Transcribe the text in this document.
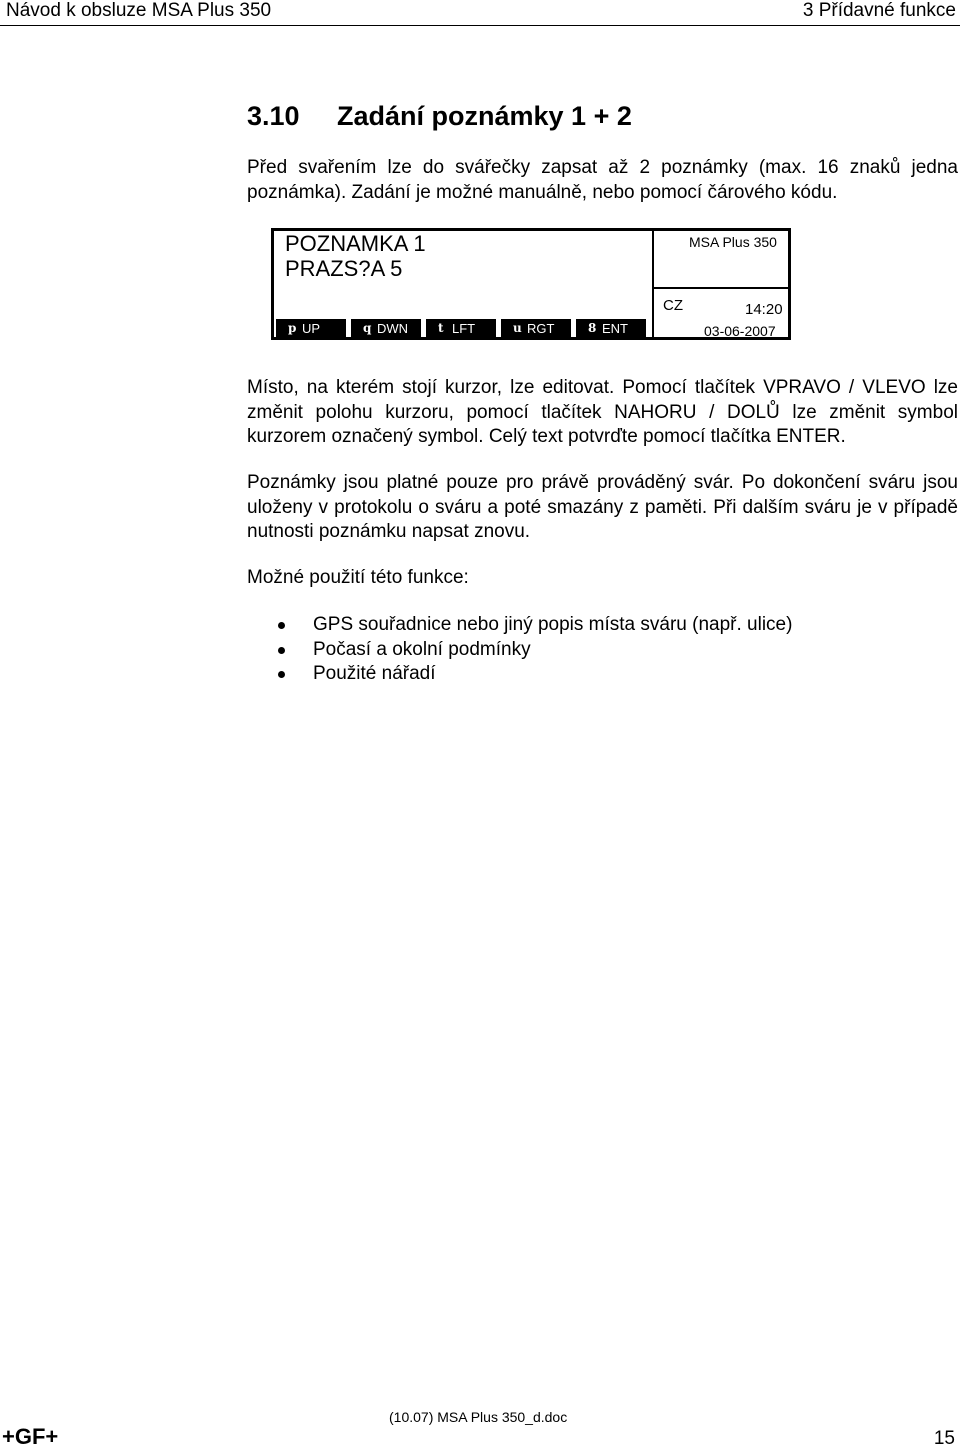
Návod k obsluze MSA Plus 350	3 Přídavné funkce
3.10 Zadání poznámky 1 + 2
Před svařením lze do svářečky zapsat až 2 poznámky (max. 16 znaků jedna poznámka). Zadání je možné manuálně, nebo pomocí čárového kódu.
POZNAMKA 1
PRAZS?A 5
MSA Plus 350
CZ	14:20
03-06-2007
p UP	q DWN t LFT	u RGT	8 ENT
Místo, na kterém stojí kurzor, lze editovat. Pomocí tlačítek VPRAVO / VLEVO lze změnit polohu kurzoru, pomocí tlačítek NAHORU / DOLŮ lze změnit symbol kurzorem označený symbol. Celý text potvrďte pomocí tlačítka ENTER.
Poznámky jsou platné pouze pro právě prováděný svár. Po dokončení sváru jsou uloženy v protokolu o sváru a poté smazány z paměti. Při dalším sváru je v případě nutnosti poznámku napsat znovu.
Možné použití této funkce:
GPS souřadnice nebo jiný popis místa sváru (např. ulice)
Počasí a okolní podmínky
Použité nářadí
+GF+
(10.07) MSA Plus 350_d.doc
15
